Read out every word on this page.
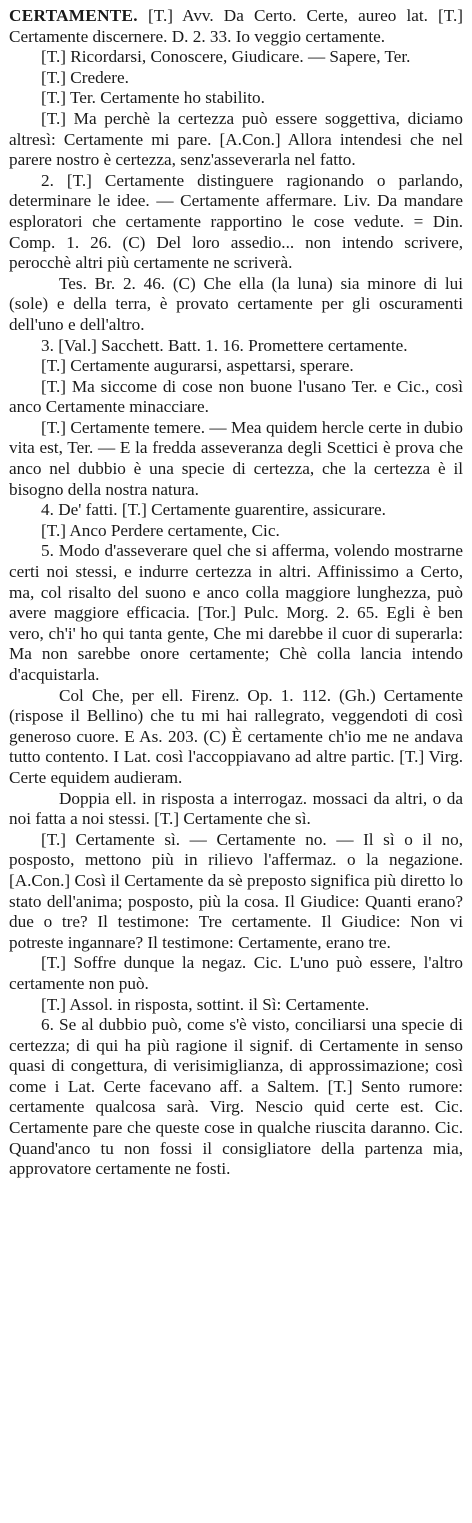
CERTAMENTE. [T.] Avv. Da Certo. Certe, aureo lat. [T.] Certamente discernere. D. 2. 33. Io veggio certamente.

[T.] Ricordarsi, Conoscere, Giudicare. — Sapere, Ter.

[T.] Credere.

[T.] Ter. Certamente ho stabilito.

[T.] Ma perchè la certezza può essere soggettiva, diciamo altresì: Certamente mi pare. [A.Con.] Allora intendesi che nel parere nostro è certezza, senz'asseverarla nel fatto.

2. [T.] Certamente distinguere ragionando o parlando, determinare le idee. — Certamente affermare. Liv. Da mandare esploratori che certamente rapportino le cose vedute. = Din. Comp. 1. 26. (C) Del loro assedio... non intendo scrivere, perocchè altri più certamente ne scriverà.

Tes. Br. 2. 46. (C) Che ella (la luna) sia minore di lui (sole) e della terra, è provato certamente per gli oscuramenti dell'uno e dell'altro.

3. [Val.] Sacchett. Batt. 1. 16. Promettere certamente.

[T.] Certamente augurarsi, aspettarsi, sperare.

[T.] Ma siccome di cose non buone l'usano Ter. e Cic., così anco Certamente minacciare.

[T.] Certamente temere. — Mea quidem hercle certe in dubio vita est, Ter. — E la fredda asseveranza degli Scettici è prova che anco nel dubbio è una specie di certezza, che la certezza è il bisogno della nostra natura.

4. De' fatti. [T.] Certamente guarentire, assicurare.

[T.] Anco Perdere certamente, Cic.

5. Modo d'asseverare quel che si afferma, volendo mostrarne certi noi stessi, e indurre certezza in altri. Affinissimo a Certo, ma, col risalto del suono e anco colla maggiore lunghezza, può avere maggiore efficacia. [Tor.] Pulc. Morg. 2. 65. Egli è ben vero, ch'i' ho qui tanta gente, Che mi darebbe il cuor di superarla: Ma non sarebbe onore certamente; Chè colla lancia intendo d'acquistarla.

Col Che, per ell. Firenz. Op. 1. 112. (Gh.) Certamente (rispose il Bellino) che tu mi hai rallegrato, veggendoti di così generoso cuore. E As. 203. (C) È certamente ch'io me ne andava tutto contento. I Lat. così l'accoppiavano ad altre partic. [T.] Virg. Certe equidem audieram.

Doppia ell. in risposta a interrogaz. mossaci da altri, o da noi fatta a noi stessi. [T.] Certamente che sì.

[T.] Certamente sì. — Certamente no. — Il sì o il no, posposto, mettono più in rilievo l'affermaz. o la negazione. [A.Con.] Così il Certamente da sè preposto significa più diretto lo stato dell'anima; posposto, più la cosa. Il Giudice: Quanti erano? due o tre? Il testimone: Tre certamente. Il Giudice: Non vi potreste ingannare? Il testimone: Certamente, erano tre.

[T.] Soffre dunque la negaz. Cic. L'uno può essere, l'altro certamente non può.

[T.] Assol. in risposta, sottint. il Sì: Certamente.

6. Se al dubbio può, come s'è visto, conciliarsi una specie di certezza; di qui ha più ragione il signif. di Certamente in senso quasi di congettura, di verisimiglianza, di approssimazione; così come i Lat. Certe facevano aff. a Saltem. [T.] Sento rumore: certamente qualcosa sarà. Virg. Nescio quid certe est. Cic. Certamente pare che queste cose in qualche riuscita daranno. Cic. Quand'anco tu non fossi il consigliatore della partenza mia, approvatore certamente ne fosti.
